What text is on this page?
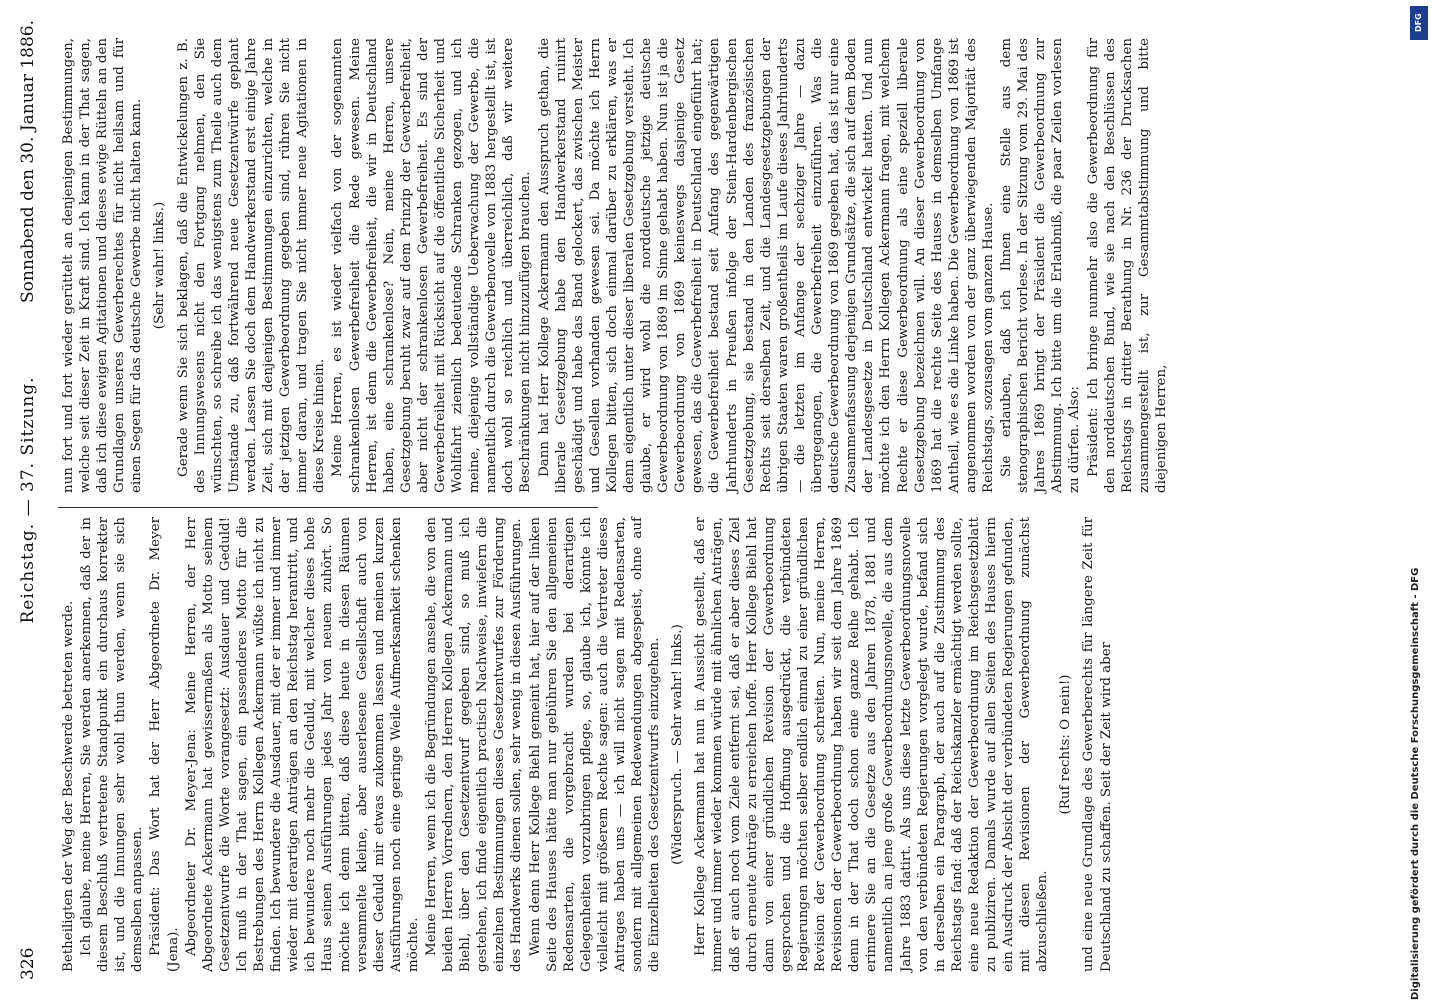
326
Reichstag. — 37. Sitzung.
Sonnabend den 30. Januar 1886.

Betheiligten der Weg der Beschwerde betreten werde. Ich glaube, meine Herren, Sie werden anerkennen, daß der in diesem Beschluß vertretene Standpunkt ein durchaus korrekter ist, und die Innungen sehr wohl thun werden, wenn sie sich demselben anpassen. Präsident: Das Wort hat der Herr Abgeordnete Dr. Meyer (Jena). Abgeordneter Dr. Meyer-Jena: Meine Herren, der Herr Abgeordnete Ackermann hat gewissermaßen als Motto seinem Gesetzentwurfe die Worte vorangesetzt: Ausdauer und Geduld! Ich muß in der That sagen, ein passenderes Motto für die Bestrebungen des Herrn Kollegen Ackermann wüßte ich nicht zu finden. Ich bewundere die Ausdauer, mit der er immer und immer wieder mit derartigen Anträgen an den Reichstag herantritt, und ich bewundere noch mehr die Geduld, mit welcher dieses hohe Haus seinen Ausführungen jedes Jahr von neuem zuhört. So möchte ich denn bitten, daß diese heute in diesen Räumen versammelte kleine, aber auserlesene Gesellschaft auch von dieser Geduld mir etwas zukommen lassen und meinen kurzen Ausführungen noch eine geringe Weile Aufmerksamkeit schenken möchte. Meine Herren, wenn ich die Begründungen ansehe, die von den beiden Herren Vorrednern, den Herren Kollegen Ackermann und Biehl, über den Gesetzentwurf gegeben sind, so muß ich gestehen, ich finde eigentlich practisch Nachweise, inwiefern die einzelnen Bestimmungen dieses Gesetzentwurfes zur Förderung des Handwerks dienen sollen, sehr wenig in diesen Ausführungen. Wenn denn Herr Kollege Biehl gemeint hat, hier auf der linken Seite des Hauses hätte man nur gebühren Sie den allgemeinen Redensarten, die vorgebracht wurden bei derartigen Gelegenheiten vorzubringen pflege, so, glaube ich, könnte ich vielleicht mit größerem Rechte sagen: auch die Vertreter dieses Antrages haben uns — ich will nicht sagen mit Redensarten, sondern mit allgemeinen Redewendungen abgespeist, ohne auf die Einzelheiten des Gesetzentwurfs einzugehen. (Widerspruch. — Sehr wahr! links.) Herr Kollege Ackermann hat nun in Aussicht gestellt, daß er immer und immer wieder kommen würde mit ähnlichen Anträgen, daß er auch noch vom Ziele entfernt sei, daß er aber dieses Ziel durch erneute Anträge zu erreichen hoffe. Herr Kollege Biehl hat dann von einer gründlichen Revision der Gewerbeordnung gesprochen und die Hoffnung ausgedrückt, die verbündeten Regierungen möchten selber endlich einmal zu einer gründlichen Revision der Gewerbeordnung schreiten. Nun, meine Herren, Revisionen der Gewerbeordnung haben wir seit dem Jahre 1869 denn in der That doch schon eine ganze Reihe gehabt. Ich erinnere Sie an die Gesetze aus den Jahren 1878, 1881 und namentlich an jene große Gewerbeordnungsnovelle, die aus dem Jahre 1883 datirt. Als uns diese letzte Gewerbeordnungsnovelle von den verbündeten Regierungen vorgelegt wurde, befand sich in derselben ein Paragraph, der auch auf die Zustimmung des Reichstags fand: daß der Reichskanzler ermächtigt werden sollte, eine neue Redaktion der Gewerbeordnung im Reichsgesetzblatt zu publiziren. Damals wurde auf allen Seiten des Hauses hierin ein Ausdruck der Absicht der verbündeten Regierungen gefunden, mit diesen Revisionen der Gewerbeordnung zunächst abzuschließen.

(Ruf rechts: O nein!) und eine neue Grundlage des Gewerberechts für längere Zeit für Deutschland zu schaffen. Seit der Zeit wird aber

nun fort und fort wieder gerüttelt an denjenigen Bestimmungen, welche seit dieser Zeit in Kraft sind. Ich kann in der That sagen, daß ich diese ewigen Agitationen und dieses ewige Rütteln an den Grundlagen unseres Gewerberechtes für nicht heilsam und für einen Segen für das deutsche Gewerbe nicht halten kann. (Sehr wahr! links.) Gerade wenn Sie sich beklagen, daß die Entwickelungen z. B. des Innungswesens nicht den Fortgang nehmen, den Sie wünschten, so schreibe ich das wenigstens zum Theile auch dem Umstande zu, daß fortwährend neue Gesetzentwürfe geplant werden. Lassen Sie doch dem Handwerkerstand erst einige Jahre Zeit, sich mit denjenigen Bestimmungen einzurichten, welche in der jetzigen Gewerbeordnung gegeben sind, rühren Sie nicht immer daran, und tragen Sie nicht immer neue Agitationen in diese Kreise hinein. Meine Herren, es ist wieder vielfach von der sogenannten schrankenlosen Gewerbefreiheit die Rede gewesen. Meine Herren, ist denn die Gewerbefreiheit, die wir in Deutschland haben, eine schrankenlose? Nein, meine Herren, unsere Gesetzgebung beruht zwar auf dem Prinzip der Gewerbefreiheit, aber nicht der schrankenlosen Gewerbefreiheit. Es sind der Gewerbefreiheit mit Rücksicht auf die öffentliche Sicherheit und Wohlfahrt ziemlich bedeutende Schranken gezogen, und ich meine, diejenige vollständige Ueberwachung der Gewerbe, die namentlich durch die Gewerbenovelle von 1883 hergestellt ist, ist doch wohl so reichlich und überreichlich, daß wir weitere Beschränkungen nicht hinzuzufügen brauchen. Dann hat Herr Kollege Ackermann den Ausspruch gethan, die liberale Gesetzgebung habe den Handwerkerstand ruinirt geschädigt und habe das Band gelockert, das zwischen Meister und Gesellen vorhanden gewesen sei. Da möchte ich Herrn Kollegen bitten, sich doch einmal darüber zu erklären, was er denn eigentlich unter dieser liberalen Gesetzgebung versteht. Ich glaube, er wird wohl die norddeutsche jetzige deutsche Gewerbeordnung von 1869 im Sinne gehabt haben. Nun ist ja die Gewerbeordnung von 1869 keineswegs dasjenige Gesetz gewesen, das die Gewerbefreiheit in Deutschland eingeführt hat; die Gewerbefreiheit bestand seit Anfang des gegenwärtigen Jahrhunderts in Preußen infolge der Stein-Hardenbergischen Gesetzgebung, sie bestand in den Landen des französischen Rechts seit derselben Zeit, und die Landesgesetzgebungen der übrigen Staaten waren großentheils im Laufe dieses Jahrhunderts — die letzten im Anfange der sechziger Jahre — dazu übergegangen, die Gewerbefreiheit einzuführen. Was die deutsche Gewerbeordnung von 1869 gegeben hat, das ist nur eine Zusammenfassung derjenigen Grundsätze, die sich auf dem Boden der Landesgesetze in Deutschland entwickelt hatten. Und nun möchte ich den Herrn Kollegen Ackermann fragen, mit welchem Rechte er diese Gewerbeordnung als eine speziell liberale Gesetzgebung bezeichnen will. An dieser Gewerbeordnung von 1869 hat die rechte Seite des Hauses in demselben Umfange Antheil, wie es die Linke haben. Die Gewerbeordnung von 1869 ist angenommen worden von der ganz überwiegenden Majorität des Reichstags, sozusagen vom ganzen Hause. Sie erlauben, daß ich Ihnen eine Stelle aus dem stenographischen Bericht vorlese. In der Sitzung vom 29. Mai des Jahres 1869 bringt der Präsident die Gewerbeordnung zur Abstimmung. Ich bitte um die Erlaubniß, die paar Zeilen vorlesen zu dürfen. Also: Präsident: Ich bringe nunmehr also die Gewerbeordnung für den norddeutschen Bund, wie sie nach den Beschlüssen des Reichstags in dritter Berathung in Nr. 236 der Drucksachen zusammengestellt ist, zur Gesammtabstimmung und bitte diejenigen Herren,

DFG
Digitalisierung gefördert durch die Deutsche Forschungsgemeinschaft - DFG
